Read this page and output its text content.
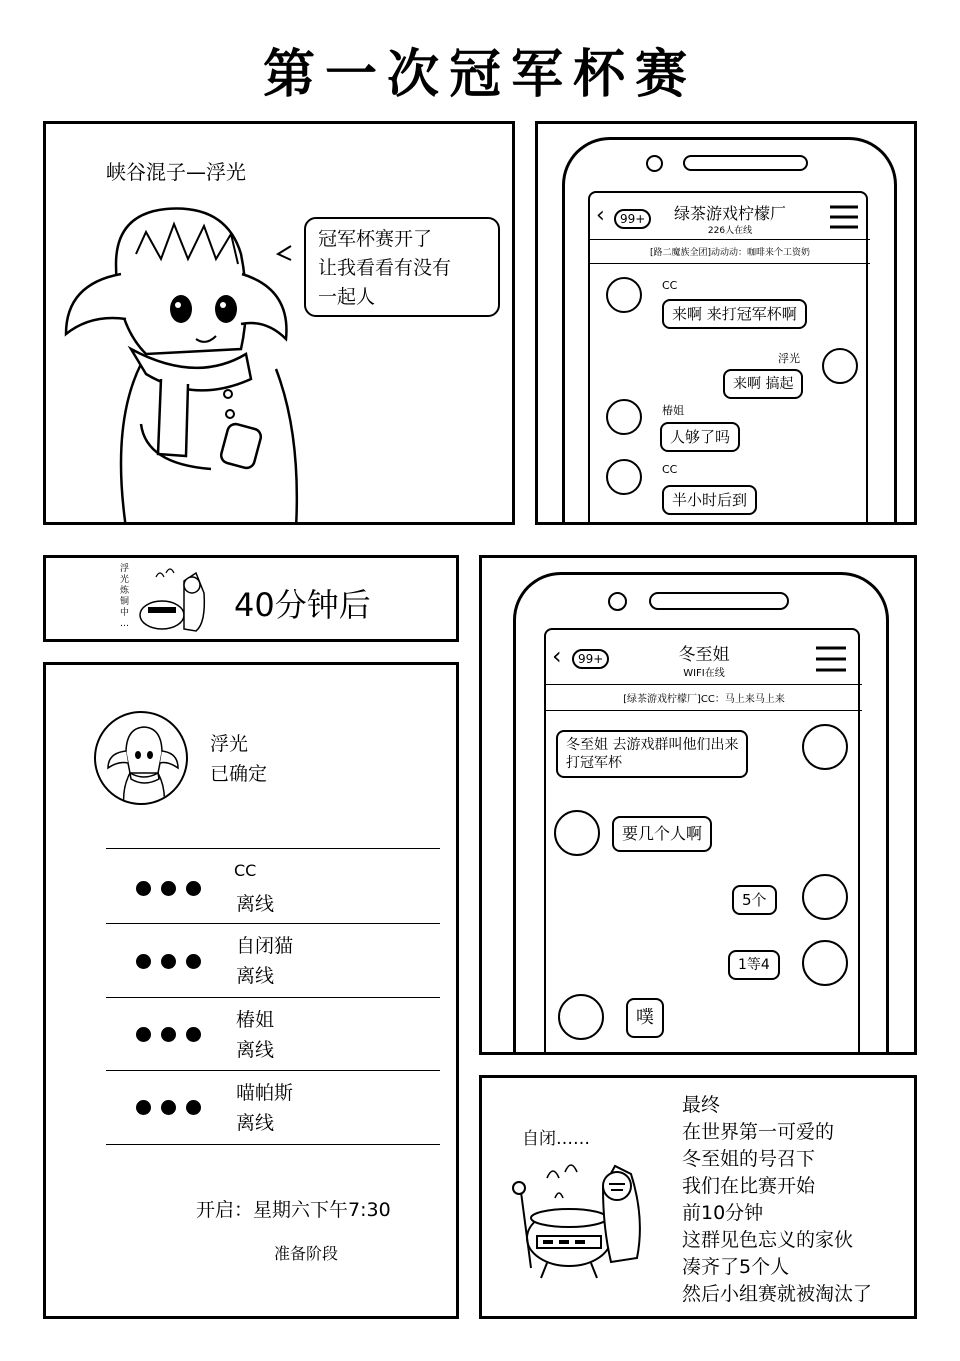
第一次冠军杯赛
峡谷混子—浮光
冠军杯赛开了
让我看看有没有
一起人
‹	99+	绿茶游戏柠檬厂
226人在线
[路二魔族全团]动动动：咖啡来个工资奶
CC
来啊 来打冠军杯啊
浮光
来啊 搞起
椿姐
人够了吗
CC
半小时后到
浮
光
炼
铜
中
…	40分钟后
浮光
已确定
CC
离线
自闭猫
离线
椿姐
离线
喵帕斯
离线
开启：星期六下午7:30
准备阶段
‹	99+	冬至姐
WIFI在线
[绿茶游戏柠檬厂]CC：马上来马上来
冬至姐 去游戏群叫他们出来
打冠军杯
要几个人啊
5个
1等4
噗
自闭……
最终
在世界第一可爱的
冬至姐的号召下
我们在比赛开始
前10分钟
这群见色忘义的家伙
凑齐了5个人
然后小组赛就被淘汰了
